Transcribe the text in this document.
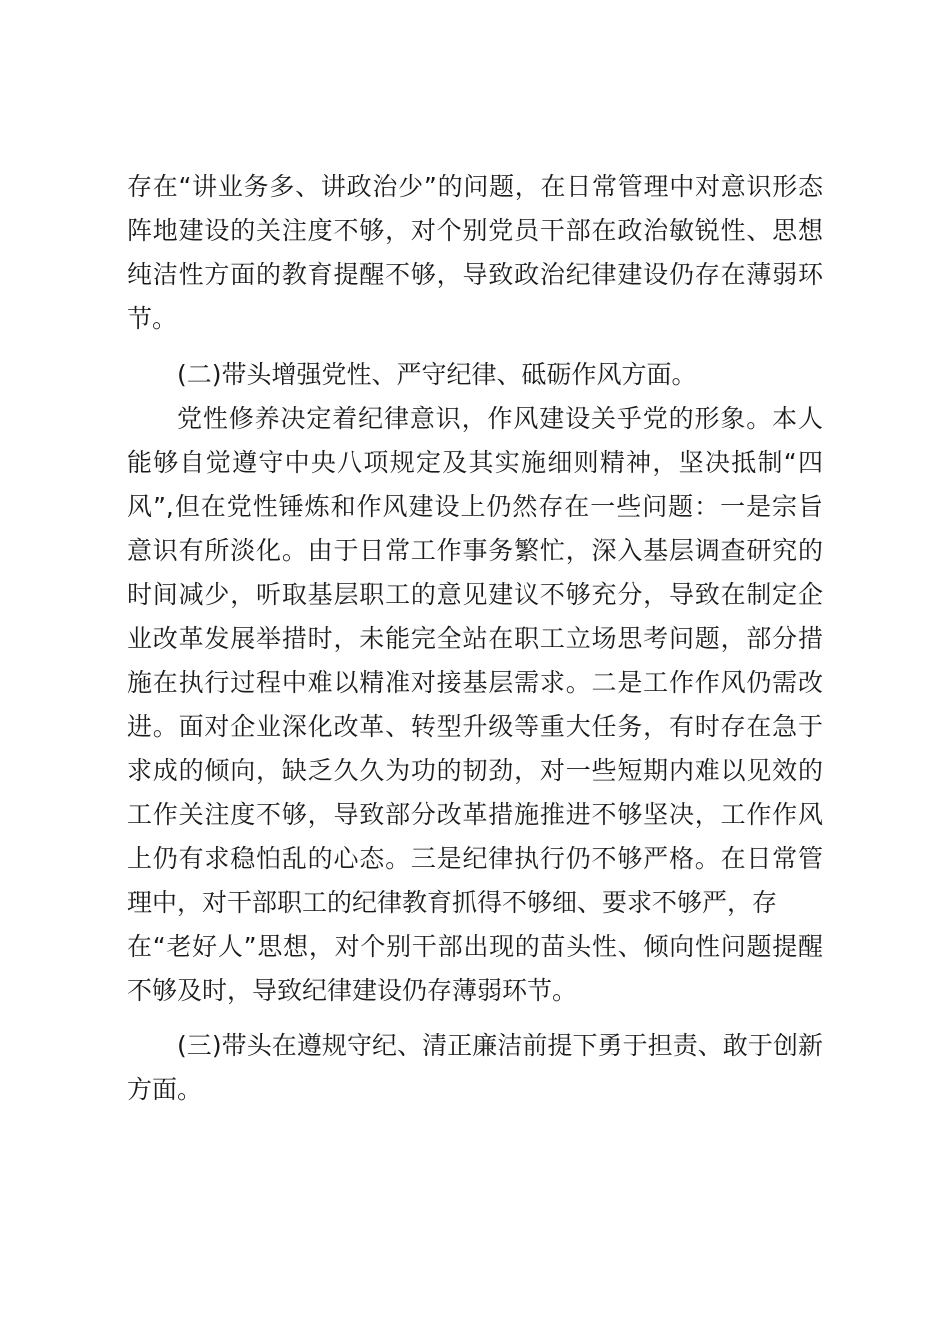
存在“讲业务多、讲政治少”的问题，在日常管理中对意识形态
阵地建设的关注度不够，对个别党员干部在政治敏锐性、思想
纯洁性方面的教育提醒不够，导致政治纪律建设仍存在薄弱环
节。
(二)带头增强党性、严守纪律、砥砺作风方面。
党性修养决定着纪律意识，作风建设关乎党的形象。本人
能够自觉遵守中央八项规定及其实施细则精神，坚决抵制“四
风”,但在党性锤炼和作风建设上仍然存在一些问题：一是宗旨
意识有所淡化。由于日常工作事务繁忙，深入基层调查研究的
时间减少，听取基层职工的意见建议不够充分，导致在制定企
业改革发展举措时，未能完全站在职工立场思考问题，部分措
施在执行过程中难以精准对接基层需求。二是工作作风仍需改
进。面对企业深化改革、转型升级等重大任务，有时存在急于
求成的倾向，缺乏久久为功的韧劲，对一些短期内难以见效的
工作关注度不够，导致部分改革措施推进不够坚决，工作作风
上仍有求稳怕乱的心态。三是纪律执行仍不够严格。在日常管
理中，对干部职工的纪律教育抓得不够细、要求不够严，存
在“老好人”思想，对个别干部出现的苗头性、倾向性问题提醒
不够及时，导致纪律建设仍存薄弱环节。
(三)带头在遵规守纪、清正廉洁前提下勇于担责、敢于创新
方面。
